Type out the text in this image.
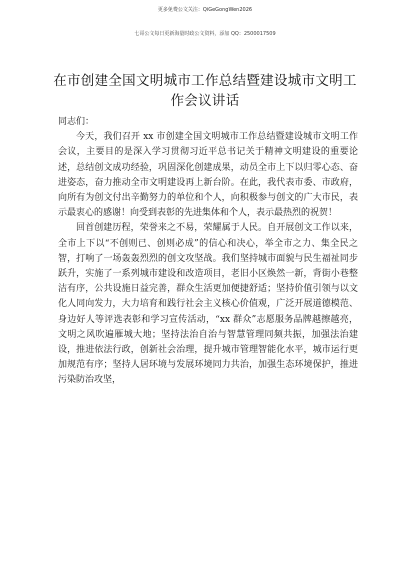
更多免费公文关注：QiGeGongWen2026
七哥公文每日更新海量时政公文资料，添加 QQ：2500017509
在市创建全国文明城市工作总结暨建设城市文明工作会议讲话

同志们：

今天，我们召开 xx 市创建全国文明城市工作总结暨建设城市文明工作会议，主要目的是深入学习贯彻习近平总书记关于精神文明建设的重要论述，总结创文成功经验，巩固深化创建成果，动员全市上下以归零心态、奋进姿态，奋力推动全市文明建设再上新台阶。在此，我代表市委、市政府，向所有为创文付出辛勤努力的单位和个人，向积极参与创文的广大市民，表示最衷心的感谢！向受到表彰的先进集体和个人，表示最热烈的祝贺！

回首创建历程，荣誉来之不易，荣耀属于人民。自开展创文工作以来，全市上下以“不创则已、创则必成”的信心和决心，举全市之力、集全民之智，打响了一场轰轰烈烈的创文攻坚战。我们坚持城市面貌与民生福祉同步跃升，实施了一系列城市建设和改造项目，老旧小区焕然一新，背街小巷整洁有序，公共设施日益完善，群众生活更加便捷舒适；坚持价值引领与以文化人同向发力，大力培育和践行社会主义核心价值观，广泛开展道德模范、身边好人等评选表彰和学习宣传活动，“xx 群众”志愿服务品牌越擦越亮，文明之风吹遍雁城大地；坚持法治自治与智慧管理同频共振，加强法治建设，推进依法行政，创新社会治理，提升城市管理智能化水平，城市运行更加规范有序；坚持人居环境与发展环境同力共治，加强生态环境保护，推进污染防治攻坚，
